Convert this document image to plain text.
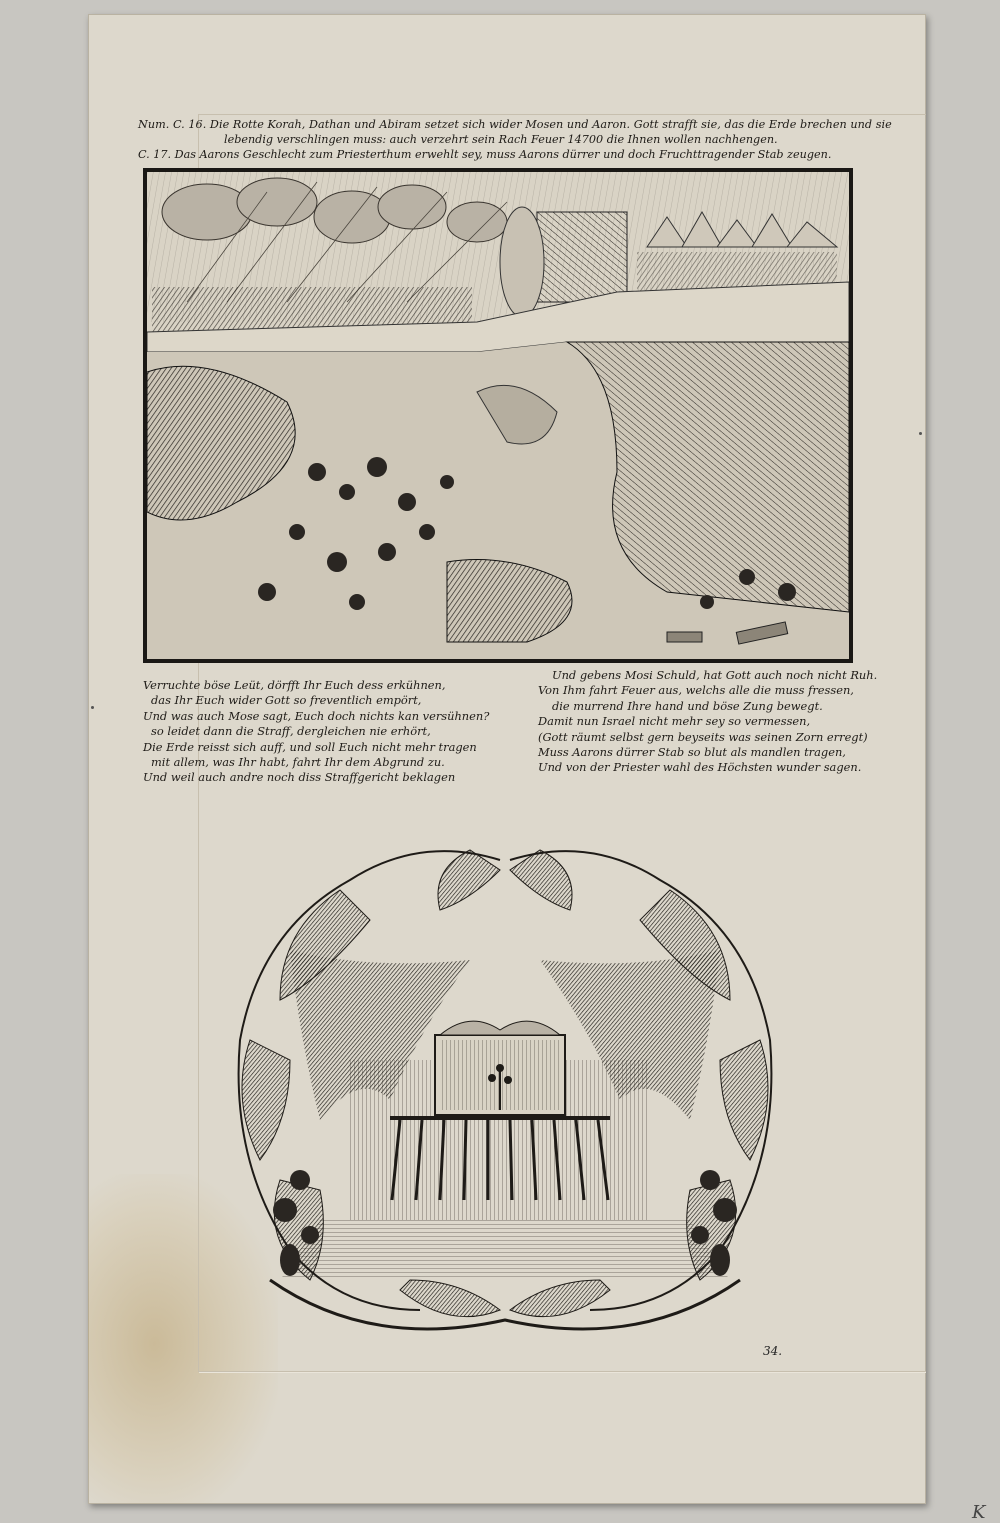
Num. C. 16. Die Rotte Korah, Dathan und Abiram setzet sich wider Mosen und Aaron. Gott strafft sie, das die Erde brechen und sie
lebendig verschlingen muss: auch verzehrt sein Rach Feuer 14700 die Ihnen wollen nachhengen.
C. 17. Das Aarons Geschlecht zum Priesterthum erwehlt sey, muss Aarons dürrer und doch Fruchttragender Stab zeugen.
Verruchte böse Leüt, dörfft Ihr Euch dess erkühnen,
das Ihr Euch wider Gott so freventlich empört,
Und was auch Mose sagt, Euch doch nichts kan versühnen?
so leidet dann die Straff, dergleichen nie erhört,
Die Erde reisst sich auff, und soll Euch nicht mehr tragen
mit allem, was Ihr habt, fahrt Ihr dem Abgrund zu.
Und weil auch andre noch diss Straffgericht beklagen
Und gebens Mosi Schuld, hat Gott auch noch nicht Ruh.
Von Ihm fahrt Feuer aus, welchs alle die muss fressen,
die murrend Ihre hand und böse Zung bewegt.
Damit nun Israel nicht mehr sey so vermessen,
(Gott räumt selbst gern beyseits was seinen Zorn erregt)
Muss Aarons dürrer Stab so blut als mandlen tragen,
Und von der Priester wahl des Höchsten wunder sagen.
34.
K
